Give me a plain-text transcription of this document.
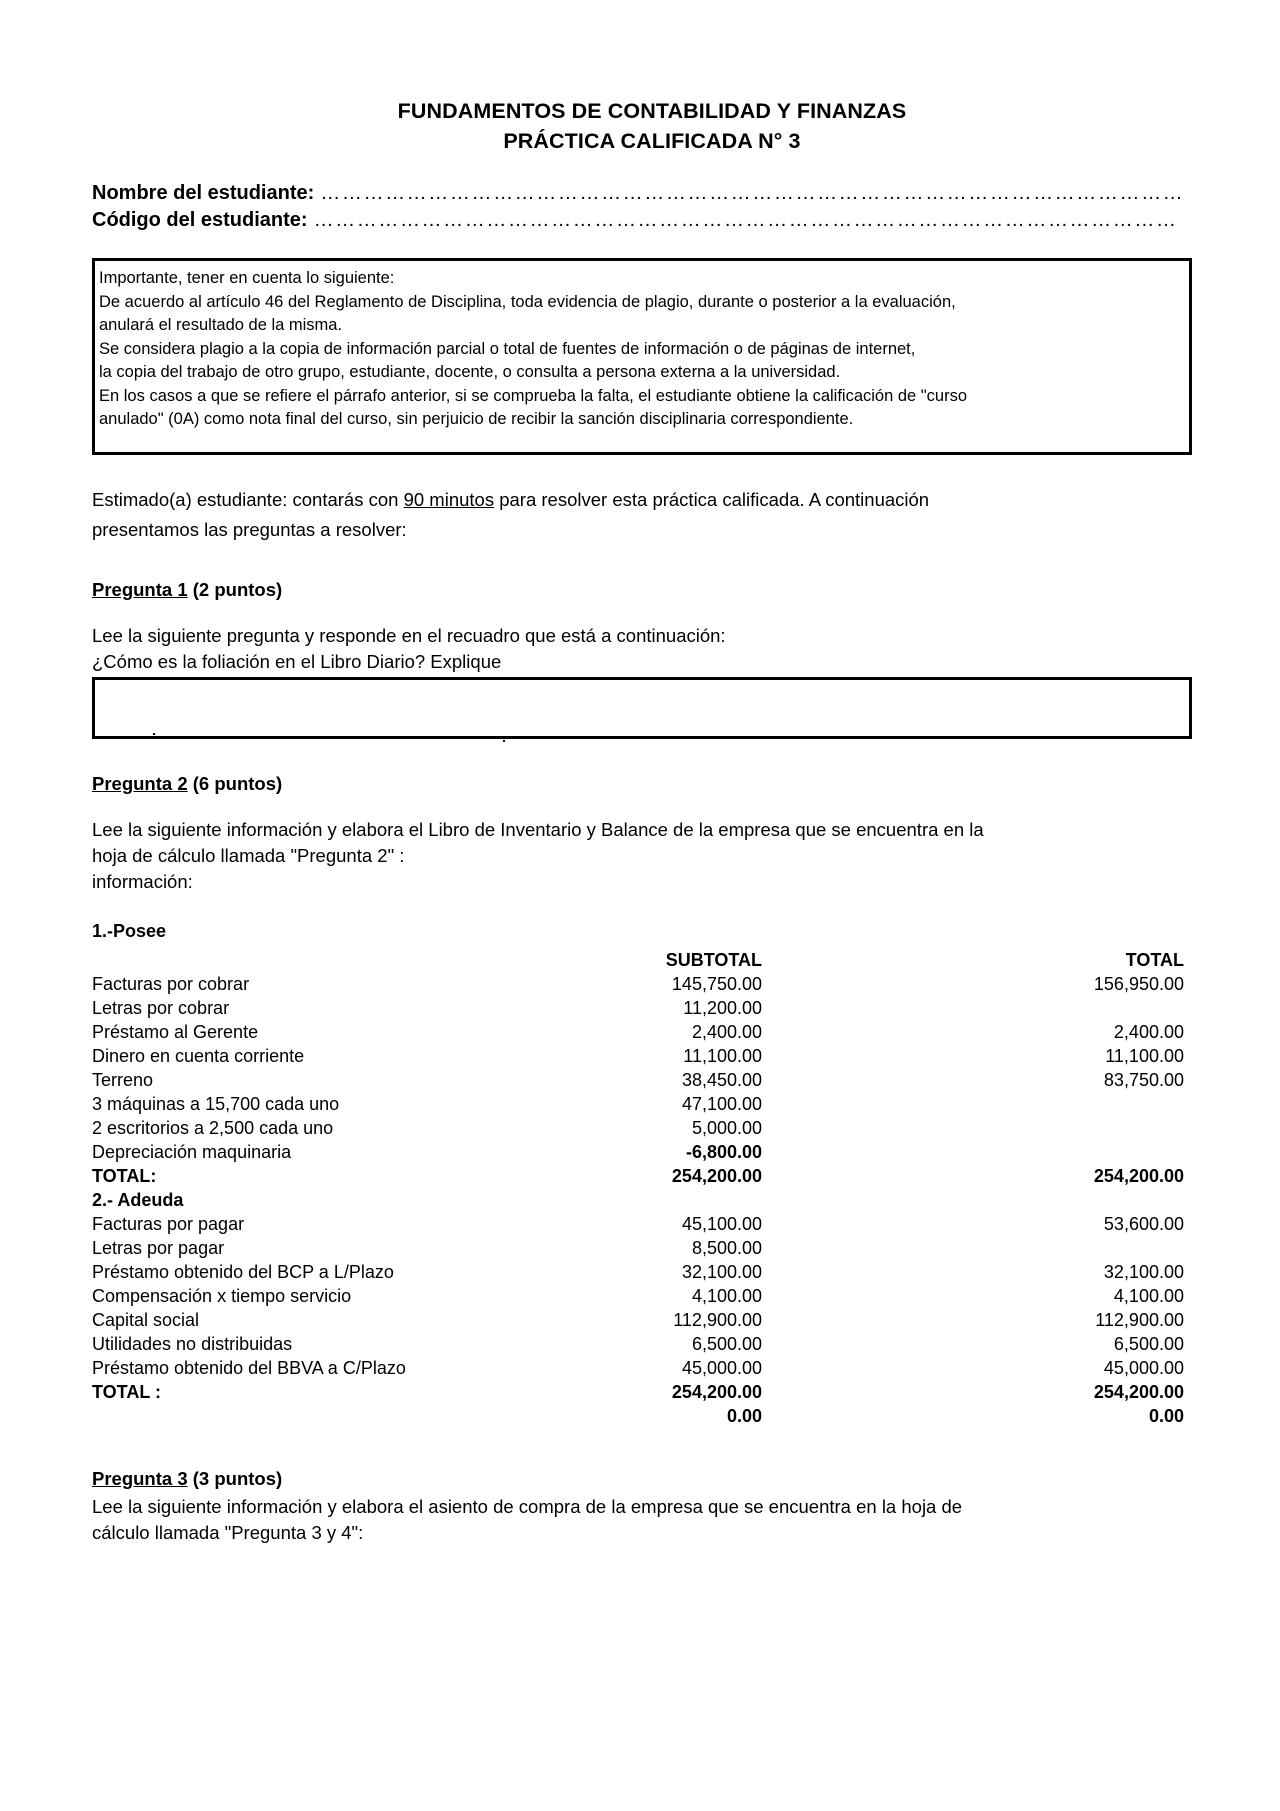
FUNDAMENTOS DE CONTABILIDAD Y FINANZAS
PRÁCTICA CALIFICADA N° 3
Nombre del estudiante: …………………………………………………………………………………………………………
Código del estudiante: …………………………………………………………………………………………………………
Importante, tener en cuenta lo siguiente:
De acuerdo al artículo 46 del Reglamento de Disciplina, toda evidencia de plagio, durante o posterior a la evaluación,
anulará el resultado de la misma.
Se considera plagio a la copia de información parcial o total de fuentes de información o de páginas de internet,
la copia del trabajo de otro grupo, estudiante, docente, o consulta a persona externa a la universidad.
En los casos a que se refiere el párrafo anterior, si se comprueba la falta, el estudiante obtiene la calificación de "curso
anulado" (0A) como nota final del curso, sin perjuicio de recibir la sanción disciplinaria correspondiente.
Estimado(a) estudiante: contarás con 90 minutos para resolver esta práctica calificada. A continuación
presentamos las preguntas a resolver:
Pregunta 1 (2 puntos)
Lee la siguiente pregunta y responde en el recuadro que está a continuación:
¿Cómo es la foliación en el Libro Diario? Explique
Pregunta 2 (6 puntos)
Lee la siguiente información y elabora el Libro de Inventario y Balance de la empresa que se encuentra en la
hoja de cálculo llamada "Pregunta 2" :
información:
1.-Posee
	SUBTOTAL	TOTAL
Facturas por cobrar	145,750.00	156,950.00
Letras por cobrar	11,200.00	
Préstamo al Gerente	2,400.00	2,400.00
Dinero en cuenta corriente	11,100.00	11,100.00
Terreno	38,450.00	83,750.00
3 máquinas a 15,700 cada uno	47,100.00	
2 escritorios a 2,500 cada uno	5,000.00	
Depreciación maquinaria	-6,800.00	
TOTAL:	254,200.00	254,200.00
2.- Adeuda		
Facturas por pagar	45,100.00	53,600.00
Letras por pagar	8,500.00	
Préstamo obtenido del BCP a L/Plazo	32,100.00	32,100.00
Compensación x tiempo servicio	4,100.00	4,100.00
Capital social	112,900.00	112,900.00
Utilidades no distribuidas	6,500.00	6,500.00
Préstamo obtenido del BBVA a C/Plazo	45,000.00	45,000.00
TOTAL :	254,200.00	254,200.00
	0.00	0.00
Pregunta 3 (3 puntos)
Lee la siguiente información y elabora el asiento de compra de la empresa que se encuentra en la hoja de
cálculo llamada "Pregunta 3 y 4":
